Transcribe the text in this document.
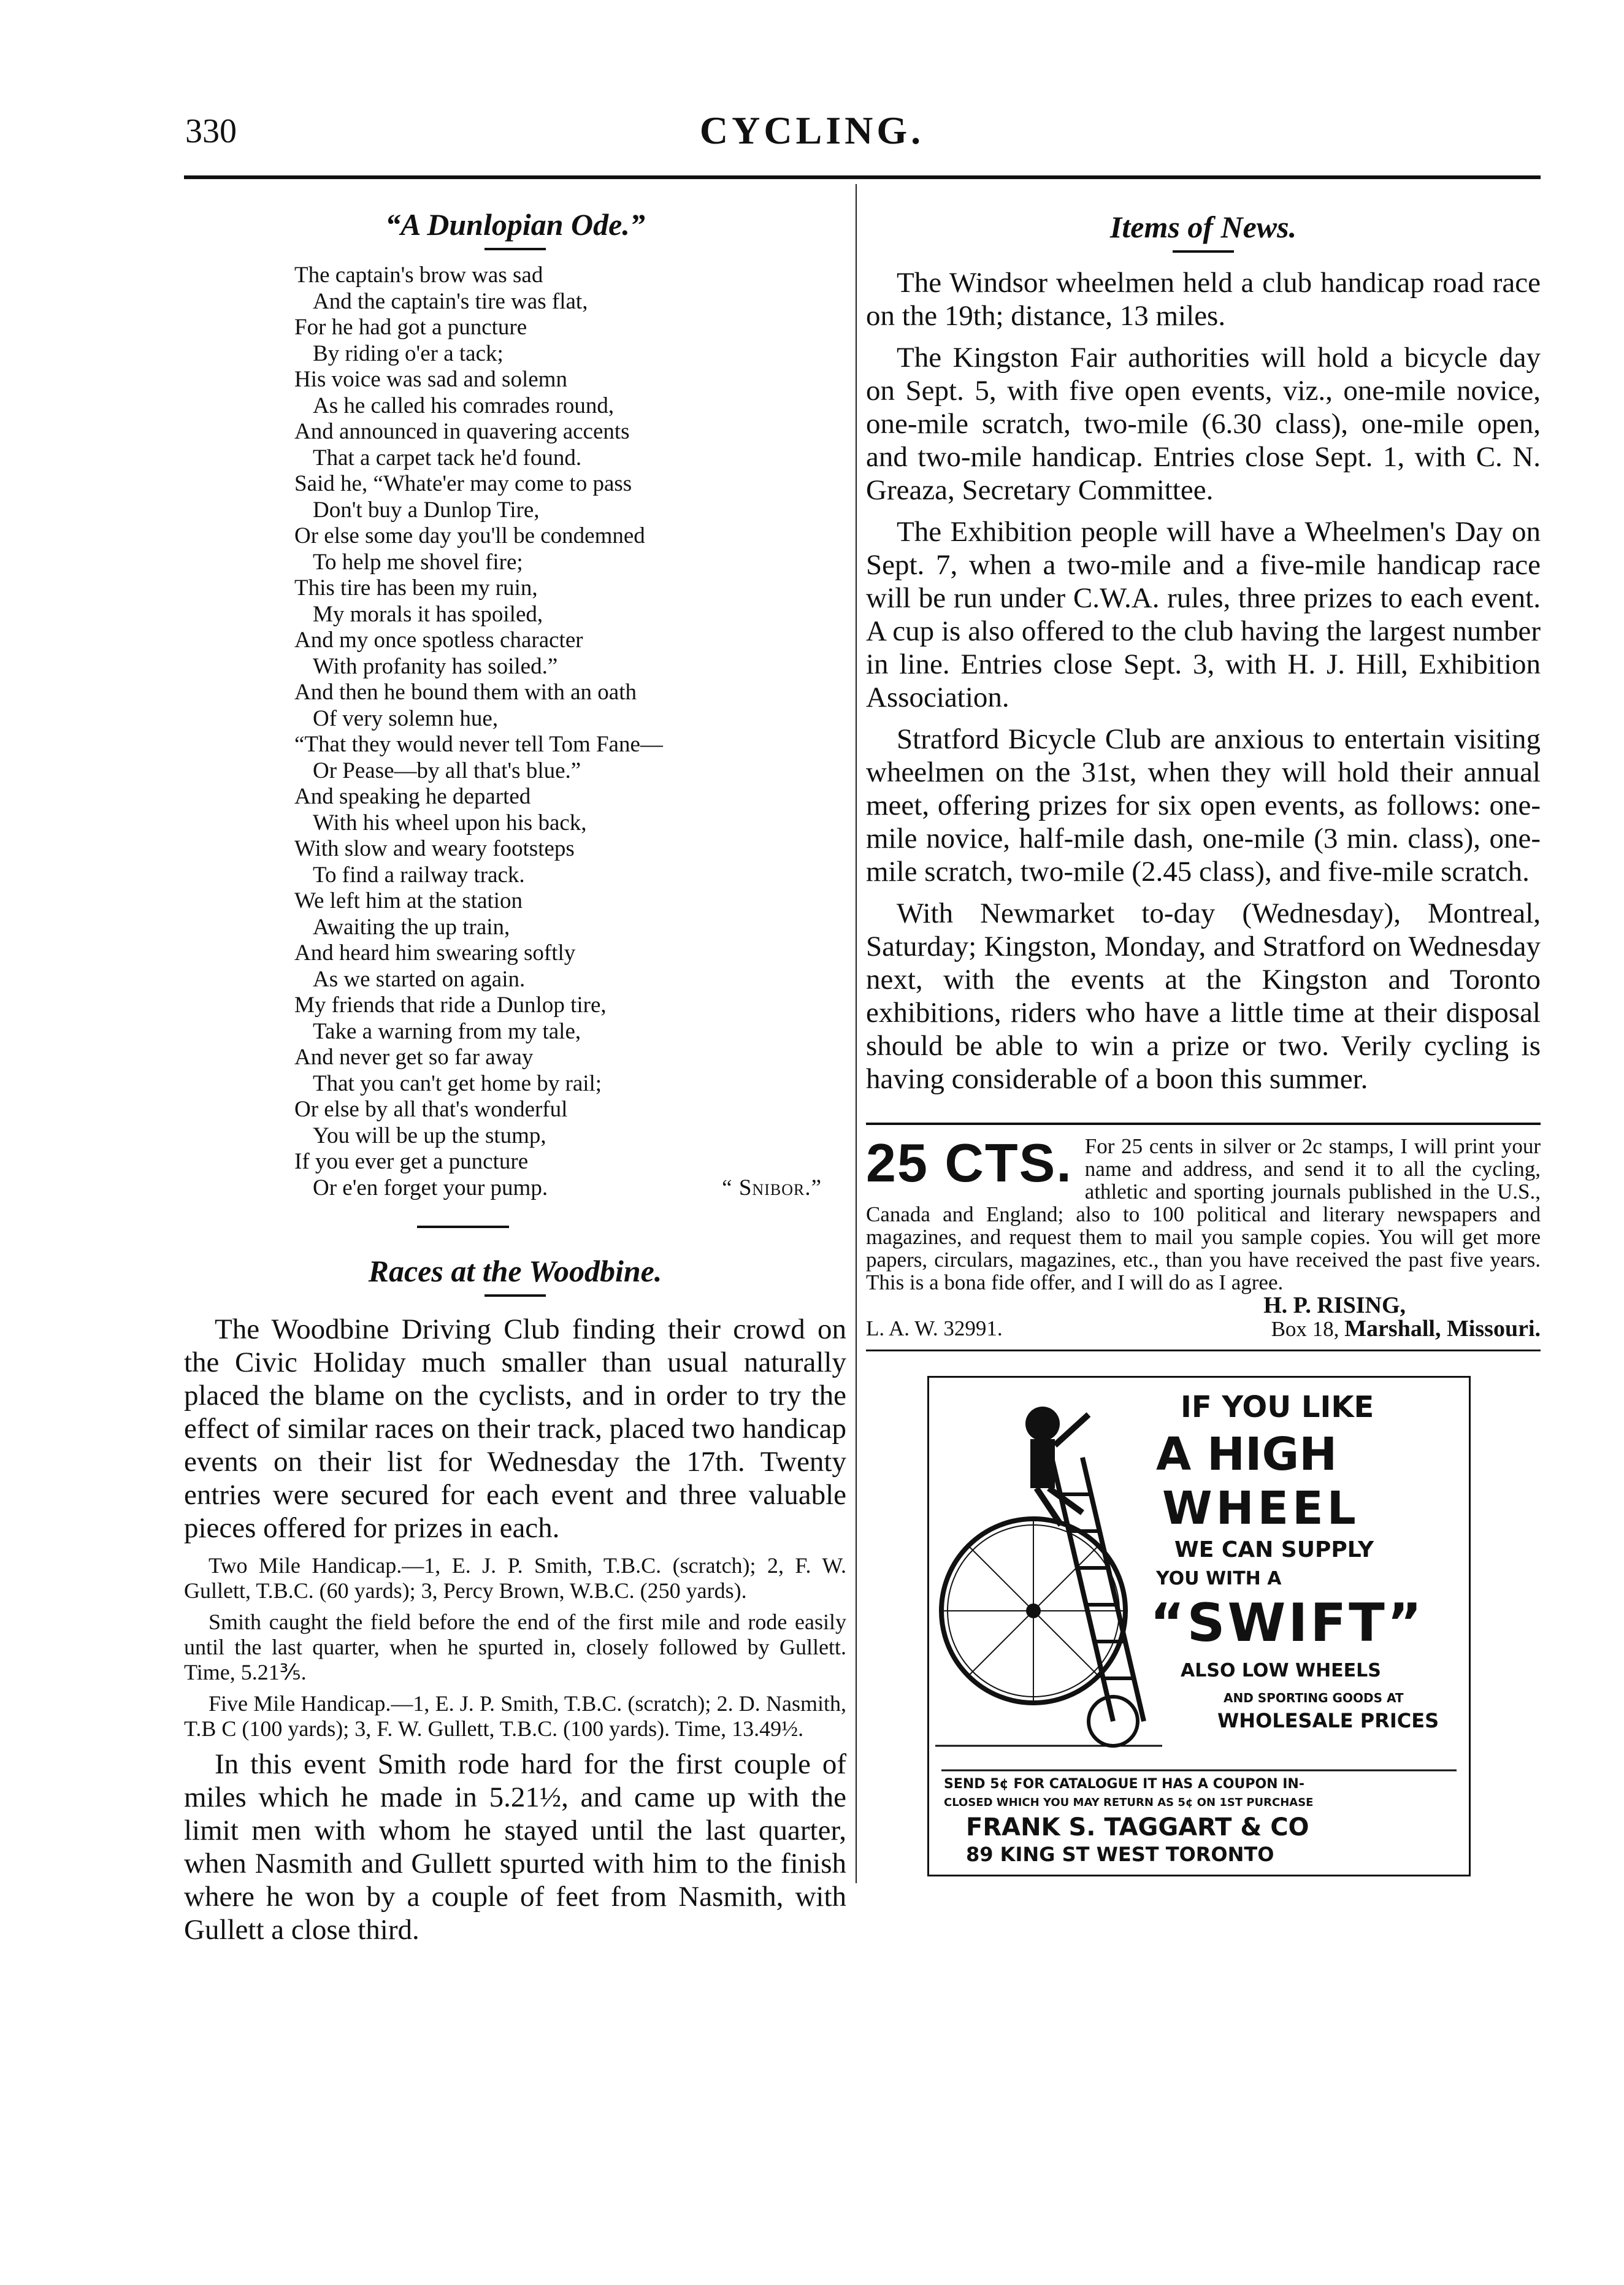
330	CYCLING.
“A Dunlopian Ode.”
The captain's brow was sad
And the captain's tire was flat,
For he had got a puncture
By riding o'er a tack;
His voice was sad and solemn
As he called his comrades round,
And announced in quavering accents
That a carpet tack he'd found.
Said he, “Whate'er may come to pass
Don't buy a Dunlop Tire,
Or else some day you'll be condemned
To help me shovel fire;
This tire has been my ruin,
My morals it has spoiled,
And my once spotless character
With profanity has soiled.”
And then he bound them with an oath
Of very solemn hue,
“That they would never tell Tom Fane—
Or Pease—by all that's blue.”
And speaking he departed
With his wheel upon his back,
With slow and weary footsteps
To find a railway track.
We left him at the station
Awaiting the up train,
And heard him swearing softly
As we started on again.
My friends that ride a Dunlop tire,
Take a warning from my tale,
And never get so far away
That you can't get home by rail;
Or else by all that's wonderful
You will be up the stump,
If you ever get a puncture
Or e'en forget your pump.	“ Snibor.”
Races at the Woodbine.

The Woodbine Driving Club finding their crowd on the Civic Holiday much smaller than usual naturally placed the blame on the cyclists, and in order to try the effect of similar races on their track, placed two handicap events on their list for Wednesday the 17th. Twenty entries were secured for each event and three valuable pieces offered for prizes in each.

Two Mile Handicap.—1, E. J. P. Smith, T.B.C. (scratch); 2, F. W. Gullett, T.B.C. (60 yards); 3, Percy Brown, W.B.C. (250 yards).

Smith caught the field before the end of the first mile and rode easily until the last quarter, when he spurted in, closely followed by Gullett. Time, 5.21⅗.

Five Mile Handicap.—1, E. J. P. Smith, T.B.C. (scratch); 2. D. Nasmith, T.B C (100 yards); 3, F. W. Gullett, T.B.C. (100 yards). Time, 13.49½.

In this event Smith rode hard for the first couple of miles which he made in 5.21½, and came up with the limit men with whom he stayed until the last quarter, when Nasmith and Gullett spurted with him to the finish where he won by a couple of feet from Nasmith, with Gullett a close third.

Items of News.

The Windsor wheelmen held a club handicap road race on the 19th; distance, 13 miles.

The Kingston Fair authorities will hold a bicycle day on Sept. 5, with five open events, viz., one-mile novice, one-mile scratch, two-mile (6.30 class), one-mile open, and two-mile handicap. Entries close Sept. 1, with C. N. Greaza, Secretary Committee.

The Exhibition people will have a Wheelmen's Day on Sept. 7, when a two-mile and a five-mile handicap race will be run under C.W.A. rules, three prizes to each event. A cup is also offered to the club having the largest number in line. Entries close Sept. 3, with H. J. Hill, Exhibition Association.

Stratford Bicycle Club are anxious to entertain visiting wheelmen on the 31st, when they will hold their annual meet, offering prizes for six open events, as follows: one-mile novice, half-mile dash, one-mile (3 min. class), one-mile scratch, two-mile (2.45 class), and five-mile scratch.

With Newmarket to-day (Wednesday), Montreal, Saturday; Kingston, Monday, and Stratford on Wednesday next, with the events at the Kingston and Toronto exhibitions, riders who have a little time at their disposal should be able to win a prize or two. Verily cycling is having considerable of a boon this summer.

25 CTS. For 25 cents in silver or 2c stamps, I will print your name and address, and send it to all the cycling, athletic and sporting journals published in the U.S., Canada and England; also to 100 political and literary newspapers and magazines, and request them to mail you sample copies. You will get more papers, circulars, magazines, etc., than you have received the past five years. This is a bona fide offer, and I will do as I agree.
H. P. RISING,
L. A. W. 32991.	Box 18, Marshall, Missouri.
IF YOU LIKE
A HIGH
WHEEL
WE CAN SUPPLY
YOU WITH A
“SWIFT”
ALSO LOW WHEELS
AND SPORTING GOODS AT
WHOLESALE PRICES
SEND 5¢ FOR CATALOGUE IT HAS A COUPON IN-
CLOSED WHICH YOU MAY RETURN AS 5¢ ON 1ST PURCHASE
FRANK S. TAGGART & CO
89 KING ST WEST TORONTO
